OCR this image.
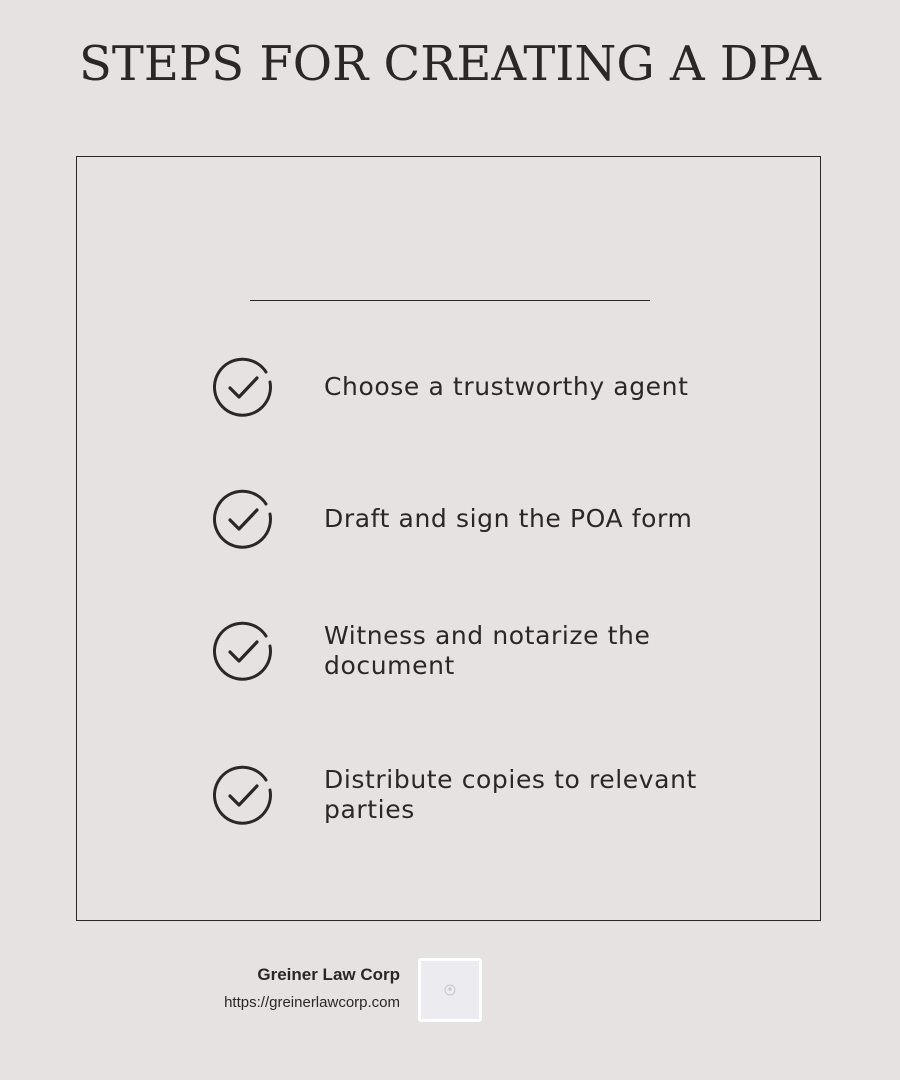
STEPS FOR CREATING A DPA
Choose a trustworthy agent
Draft and sign the POA form
Witness and notarize the document
Distribute copies to relevant parties
Greiner Law Corp
https://greinerlawcorp.com
